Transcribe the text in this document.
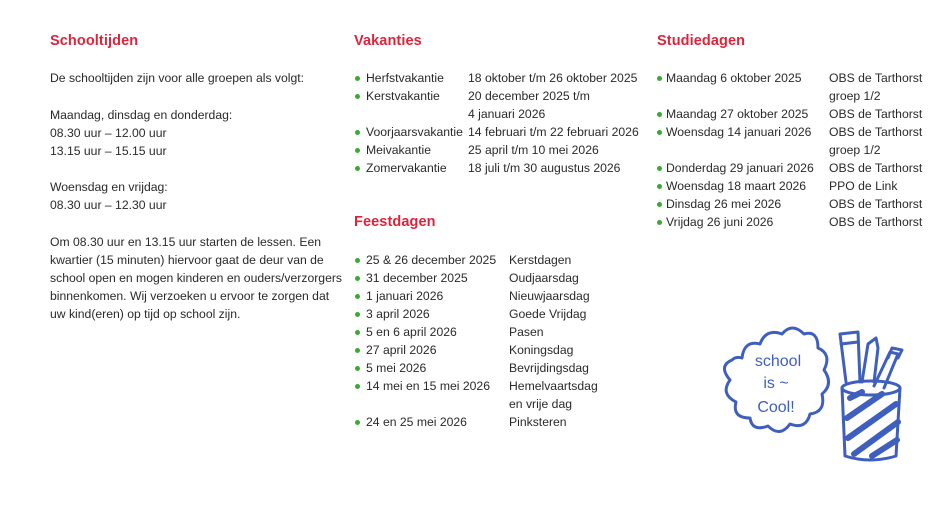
Schooltijden
De schooltijden zijn voor alle groepen als volgt:
Maandag, dinsdag en donderdag:
08.30 uur – 12.00 uur
13.15 uur – 15.15 uur
Woensdag en vrijdag:
08.30 uur – 12.30 uur
Om 08.30 uur en 13.15 uur starten de lessen. Een
kwartier (15 minuten) hiervoor gaat de deur van de
school open en mogen kinderen en ouders/verzorgers
binnenkomen. Wij verzoeken u ervoor te zorgen dat
uw kind(eren) op tijd op school zijn.
Vakanties
Herfstvakantie	18 oktober t/m 26 oktober 2025
Kerstvakantie	20 december 2025 t/m
4 januari 2026
Voorjaarsvakantie 14 februari t/m 22 februari 2026
Meivakantie	25 april t/m 10 mei 2026
Zomervakantie	18 juli t/m 30 augustus 2026
Feestdagen
25 & 26 december 2025	Kerstdagen
31 december 2025	Oudjaarsdag
1 januari 2026	Nieuwjaarsdag
3 april 2026	Goede Vrijdag
5 en 6 april 2026	Pasen
27 april 2026	Koningsdag
5 mei 2026	Bevrijdingsdag
14 mei en 15 mei 2026	Hemelvaartsdag
en vrije dag
24 en 25 mei 2026	Pinksteren
Studiedagen
Maandag 6 oktober 2025	OBS de Tarthorst
groep 1/2
Maandag 27 oktober 2025	OBS de Tarthorst
Woensdag 14 januari 2026	OBS de Tarthorst
groep 1/2
Donderdag 29 januari 2026	OBS de Tarthorst
Woensdag 18 maart 2026	PPO de Link
Dinsdag 26 mei 2026	OBS de Tarthorst
Vrijdag 26 juni 2026	OBS de Tarthorst
school
is ~
Cool!
